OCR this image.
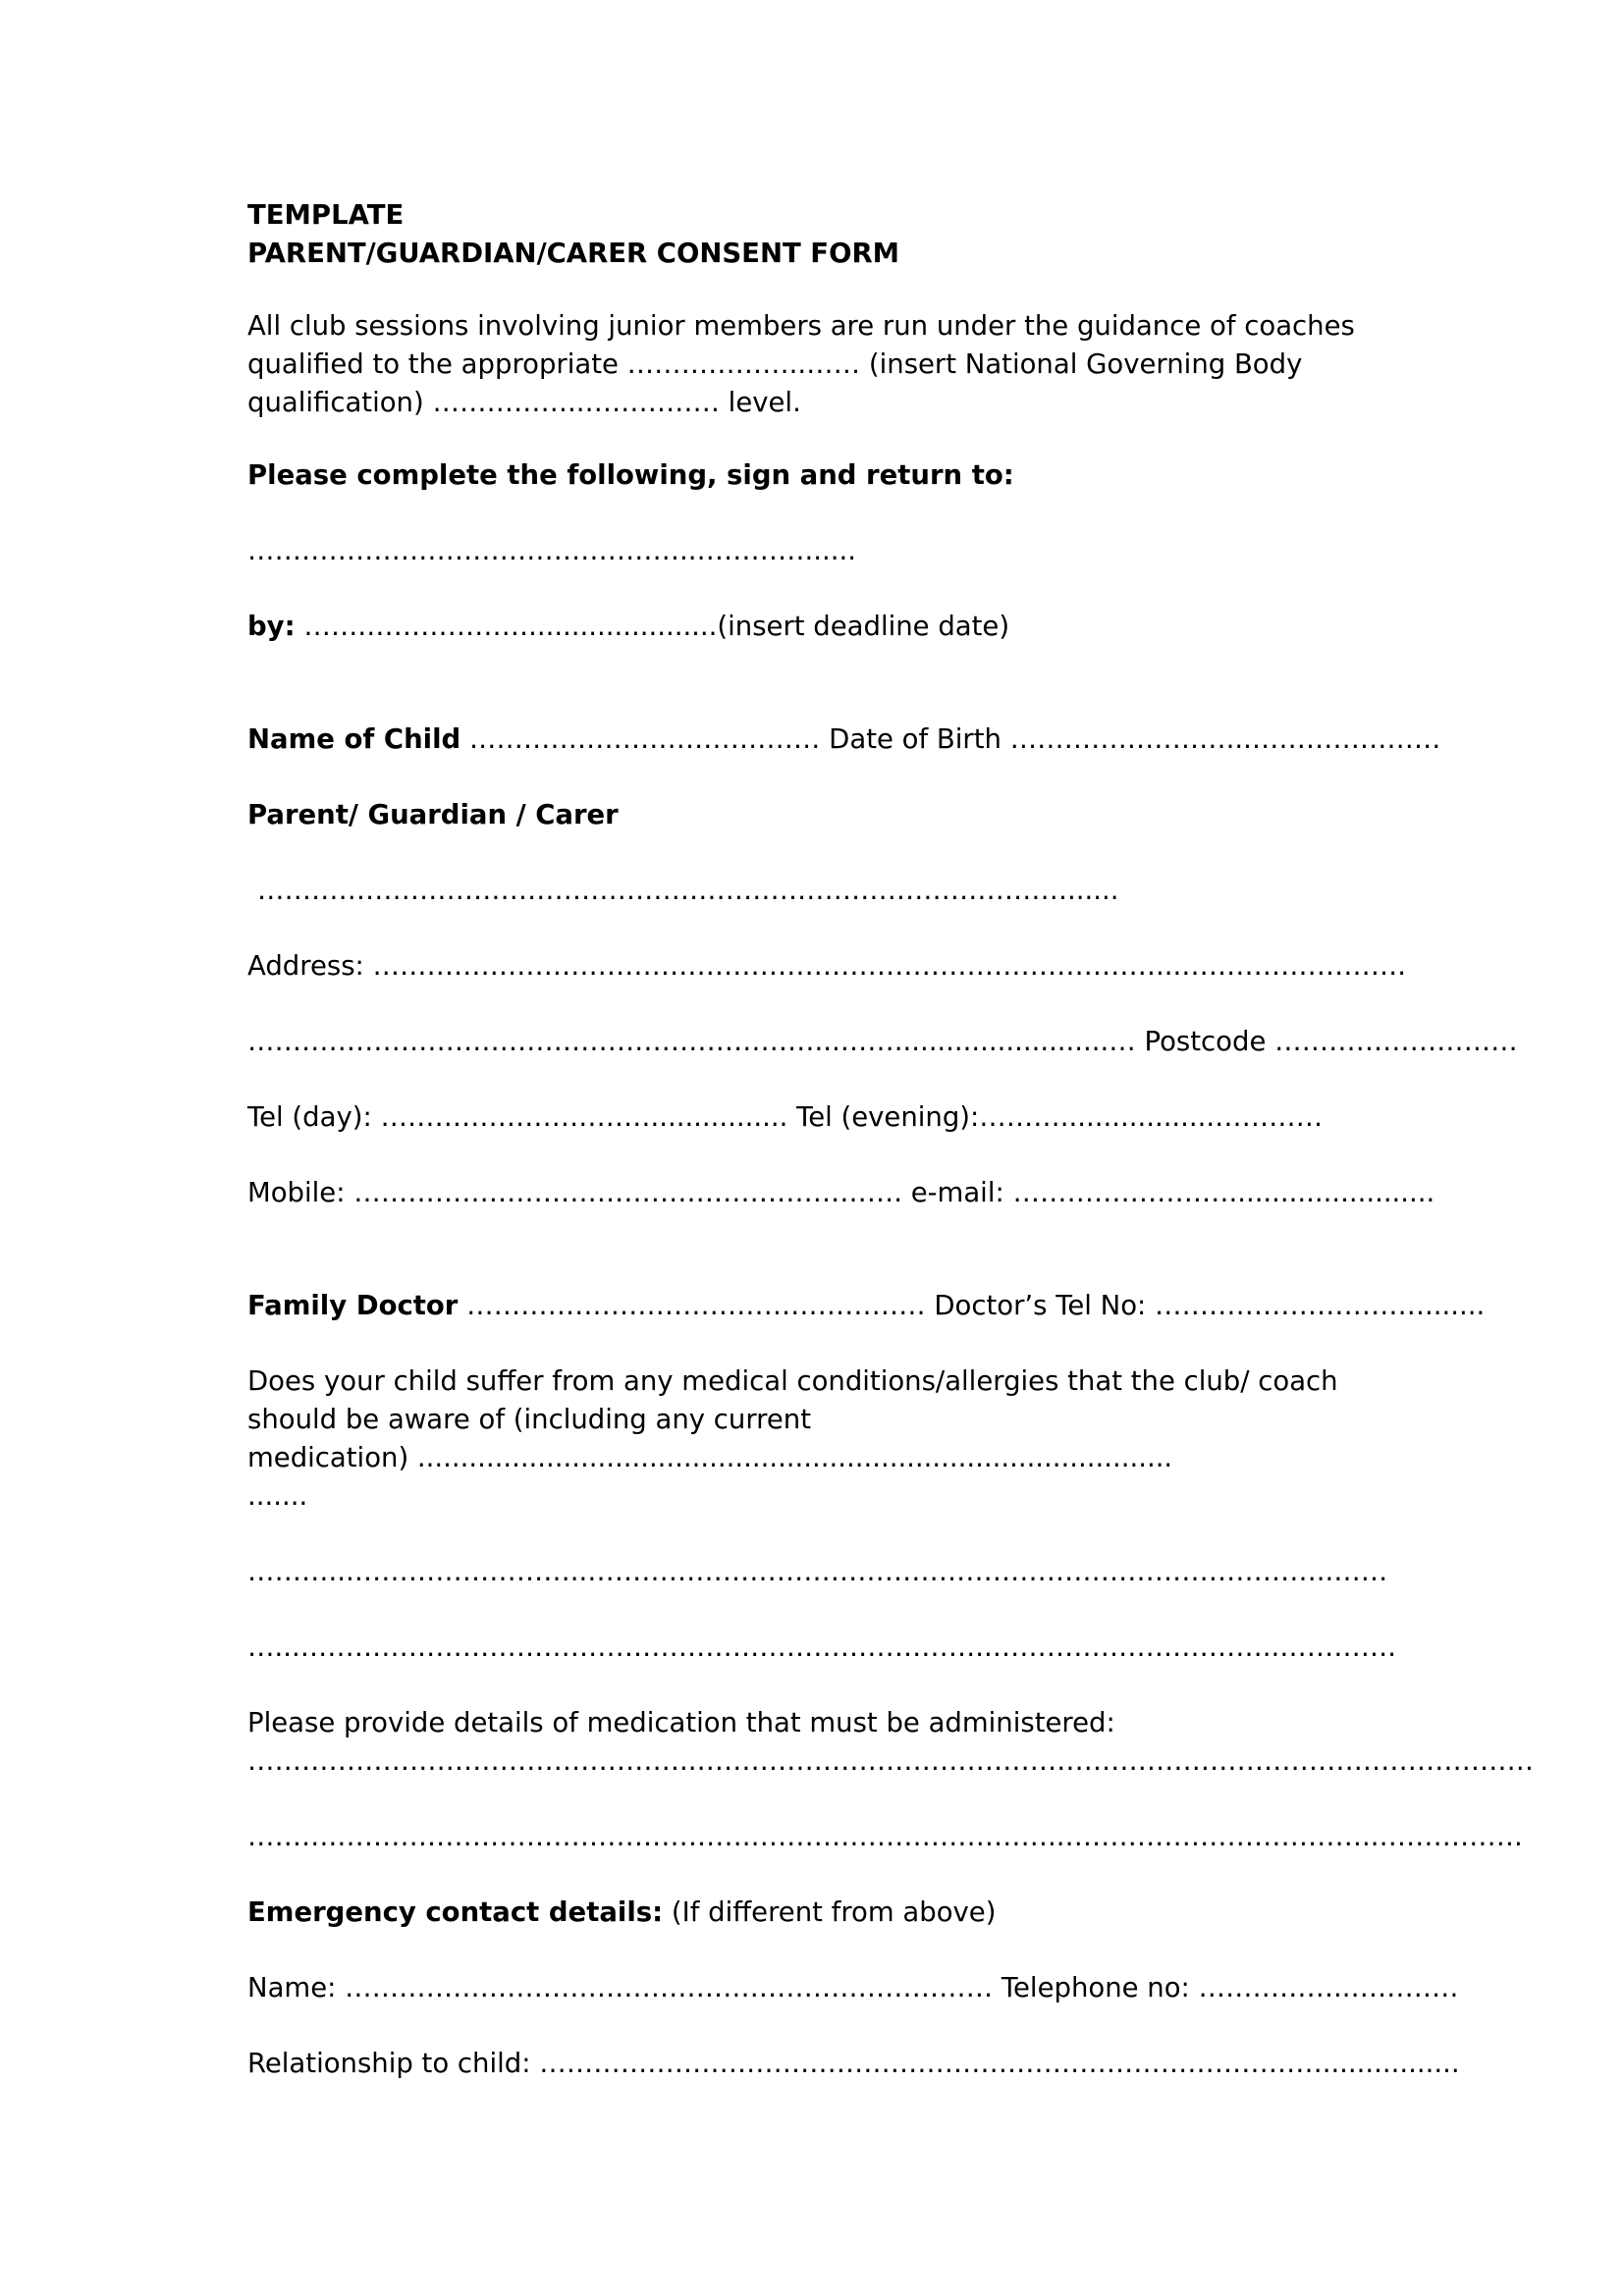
TEMPLATE
PARENT/GUARDIAN/CARER CONSENT FORM
All club sessions involving junior members are run under the guidance of coaches
qualified to the appropriate ………………..…… (insert National Governing Body
qualification) ……………..…………… level.
Please complete the following, sign and return to:
…………………………………………..…………......
by: …….………………......................(insert deadline date)
Name of Child ………………………………… Date of Birth ……………………...…………………
Parent/ Guardian / Carer
………………………………………………………………………………......
Address: ……………………………………………………………………………...…………………….
………………………………………………………...…….........................… Postcode ………………………
Tel (day): …………………………................ Tel (evening):………..................…………
Mobile: ……………………………………………………. e-mail: ……………………........................
Family Doctor …………………………………………… Doctor’s Tel No: ………………………….......
Does your child suffer from any medical conditions/allergies that the club/ coach
should be aware of (including any current
medication) ........................................................................................
.......
………...……………………..………………………………………………………………………..……
…...…………………………………………………………………..…………………………..………….
Please provide details of medication that must be administered:
…………………………………………..…………………………………………………………………………………
……….……………………………………….……………………………..……………………………..…………….
Emergency contact details: (If different from above)
Name: ……………………………………………………………… Telephone no: ……………..…………
Relationship to child: ……………………………………………………………………………................
